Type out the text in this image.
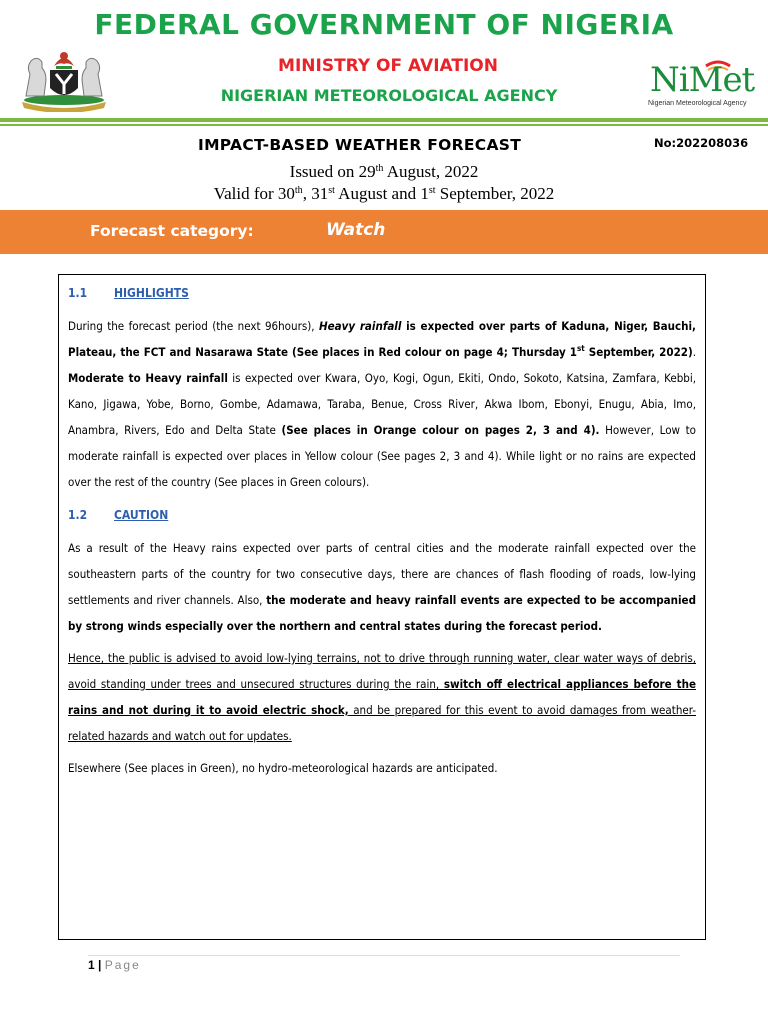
FEDERAL GOVERNMENT OF NIGERIA
MINISTRY OF AVIATION
NIGERIAN METEOROLOGICAL AGENCY	NiMet
Nigerian Meteorological Agency
IMPACT-BASED WEATHER FORECAST	No:202208036
Issued on 29th August, 2022
Valid for 30th, 31st August and 1st September, 2022
Forecast category:	Watch
1.1 HIGHLIGHTS

During the forecast period (the next 96hours), Heavy rainfall is expected over parts of Kaduna, Niger, Bauchi, Plateau, the FCT and Nasarawa State (See places in Red colour on page 4; Thursday 1st September, 2022). Moderate to Heavy rainfall is expected over Kwara, Oyo, Kogi, Ogun, Ekiti, Ondo, Sokoto, Katsina, Zamfara, Kebbi, Kano, Jigawa, Yobe, Borno, Gombe, Adamawa, Taraba, Benue, Cross River, Akwa Ibom, Ebonyi, Enugu, Abia, Imo, Anambra, Rivers, Edo and Delta State (See places in Orange colour on pages 2, 3 and 4). However, Low to moderate rainfall is expected over places in Yellow colour (See pages 2, 3 and 4). While light or no rains are expected over the rest of the country (See places in Green colours).

1.2 CAUTION

As a result of the Heavy rains expected over parts of central cities and the moderate rainfall expected over the southeastern parts of the country for two consecutive days, there are chances of flash flooding of roads, low-lying settlements and river channels. Also, the moderate and heavy rainfall events are expected to be accompanied by strong winds especially over the northern and central states during the forecast period.

Hence, the public is advised to avoid low-lying terrains, not to drive through running water, clear water ways of debris, avoid standing under trees and unsecured structures during the rain, switch off electrical appliances before the rains and not during it to avoid electric shock, and be prepared for this event to avoid damages from weather-related hazards and watch out for updates.

Elsewhere (See places in Green), no hydro-meteorological hazards are anticipated.

1 | Page
